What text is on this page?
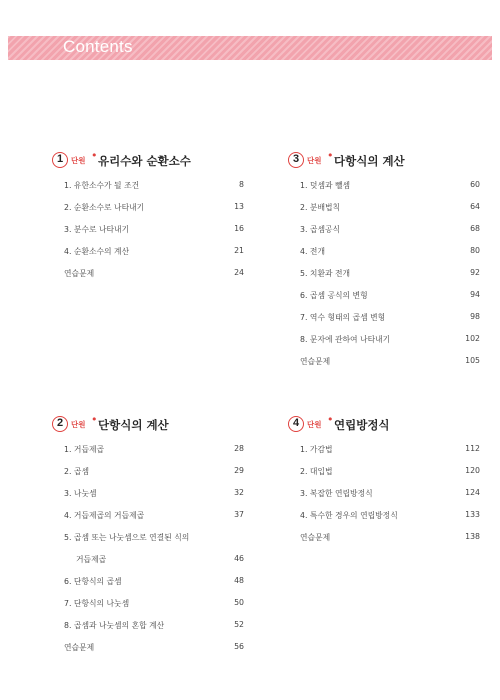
Contents
1	단원 • 유리수와 순환소수
1. 유한소수가 될 조건	8
2. 순환소수로 나타내기	13
3. 분수로 나타내기	16
4. 순환소수의 계산	21
연습문제	24
2	단원 • 단항식의 계산
1. 거듭제곱	28
2. 곱셈	29
3. 나눗셈	32
4. 거듭제곱의 거듭제곱	37
5. 곱셈 또는 나눗셈으로 연결된 식의
거듭제곱	46
6. 단항식의 곱셈	48
7. 단항식의 나눗셈	50
8. 곱셈과 나눗셈의 혼합 계산	52
연습문제	56
3	단원 • 다항식의 계산
1. 덧셈과 뺄셈	60
2. 분배법칙	64
3. 곱셈공식	68
4. 전개	80
5. 치환과 전개	92
6. 곱셈 공식의 변형	94
7. 역수 형태의 곱셈 변형	98
8. 문자에 관하여 나타내기	102
연습문제	105
4	단원 • 연립방정식
1. 가감법	112
2. 대입법	120
3. 복잡한 연립방정식	124
4. 특수한 경우의 연립방정식	133
연습문제	138
